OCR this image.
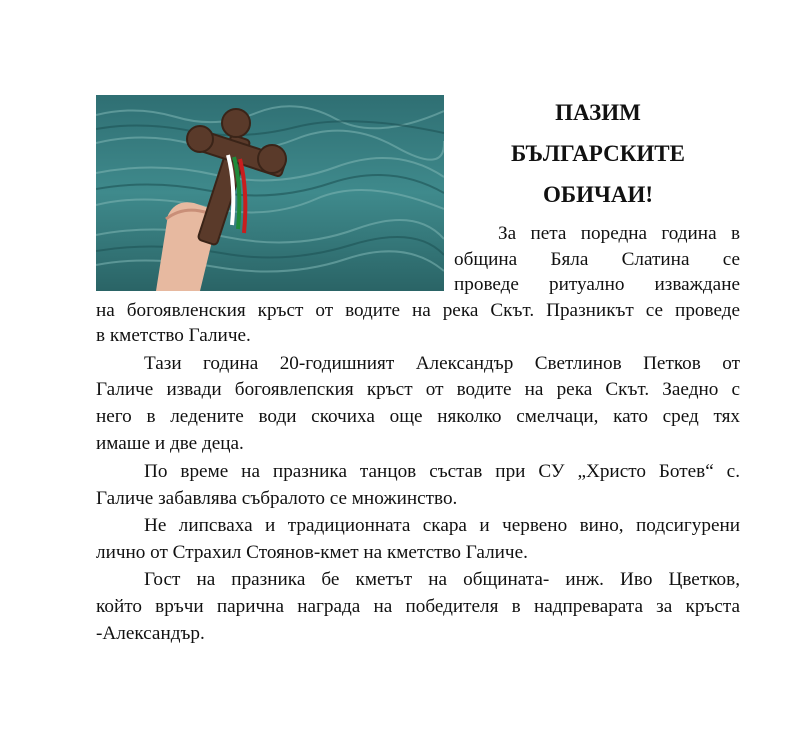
ПАЗИМ
БЪЛГАРСКИТЕ
ОБИЧАИ!
За пета поредна година в
община Бяла Слатина се
проведе ритуално изваждане
на богоявленския кръст от водите на река Скът. Празникът се проведе
в кметство Галиче.
Тази година 20-годишният Александър Светлинов Петков от
Галиче извади богоявлепския кръст от водите на река Скът. Заедно с
него в ледените води скочиха още няколко смелчаци, като сред тях
имаше и две деца.
По време на празника танцов състав при СУ „Христо Ботев“ с.
Галиче забавлява събралото се множинство.
Не липсваха и традиционната скара и червено вино, подсигурени
лично от Страхил Стоянов-кмет на кметство Галиче.
Гост на празника бе кметът на общината- инж. Иво Цветков,
който връчи парична награда на победителя в надпреварата за кръста
-Александър.
